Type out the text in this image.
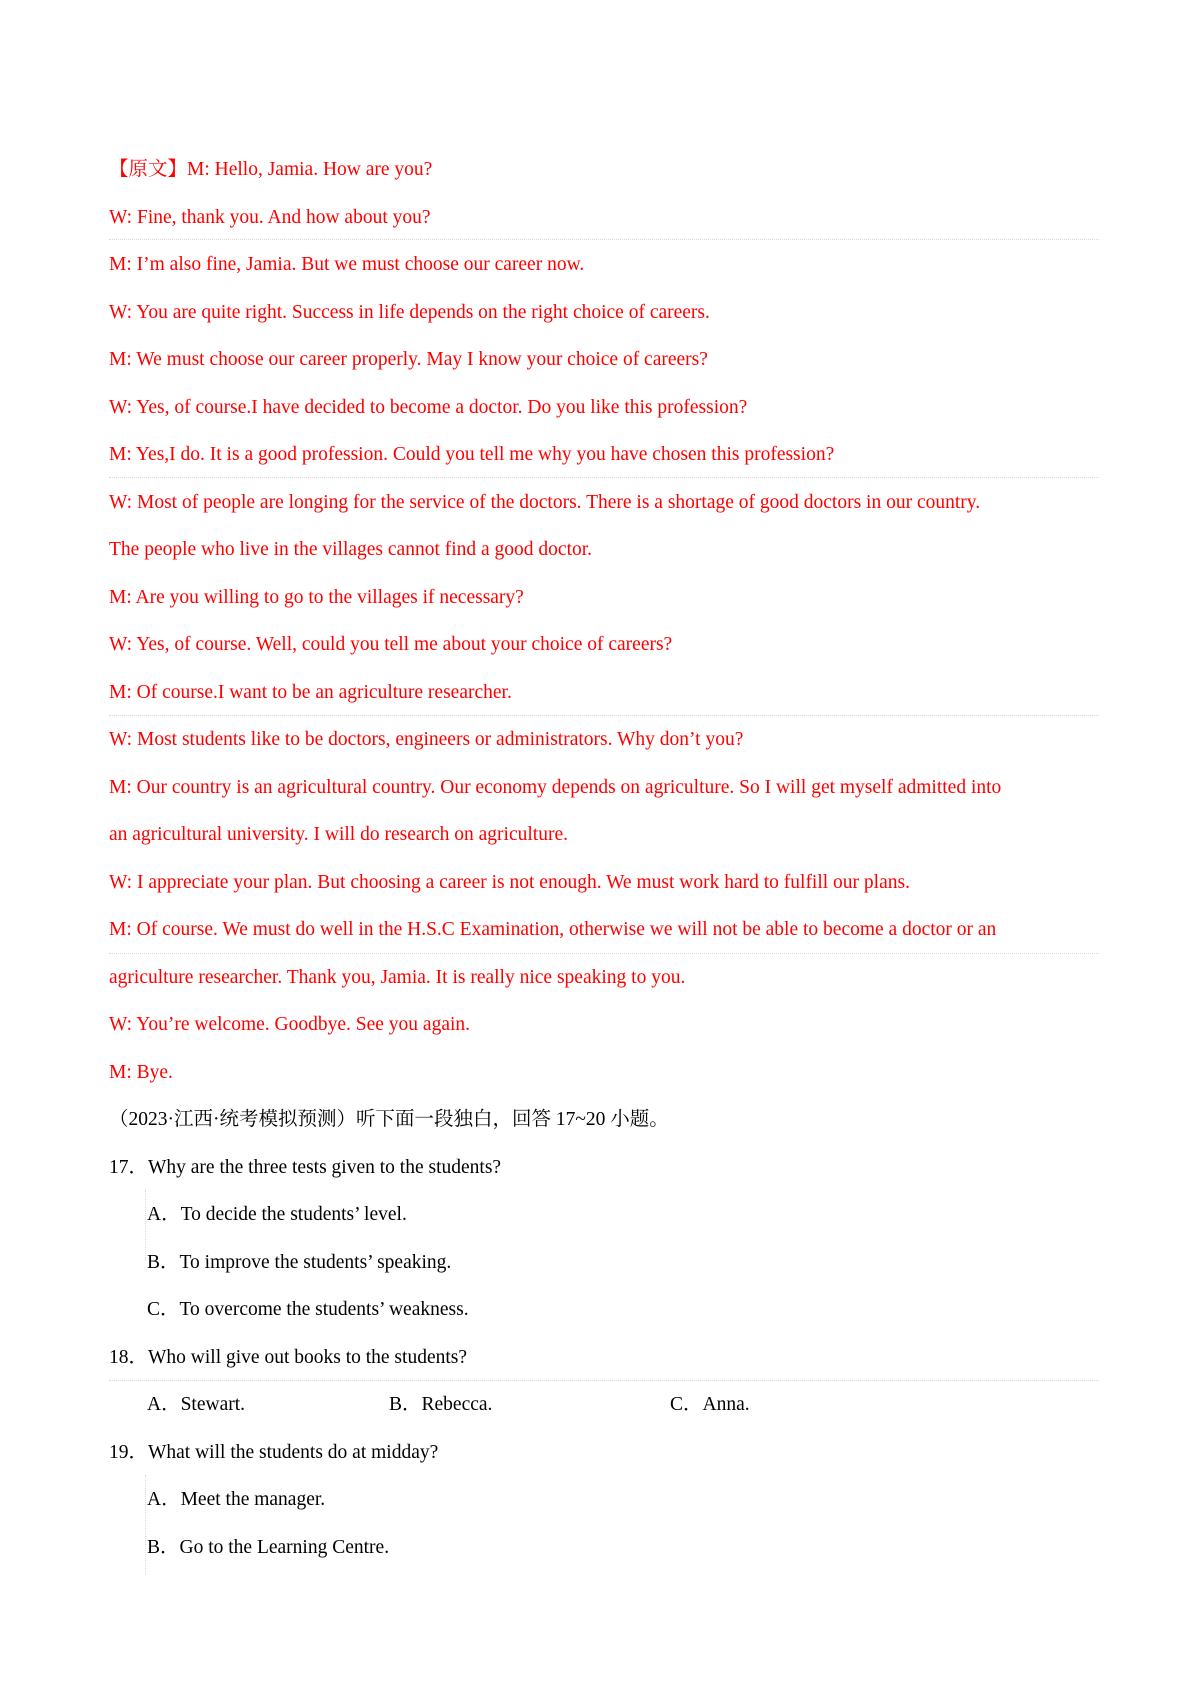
【原文】M: Hello, Jamia. How are you?
W: Fine, thank you. And how about you?
M: I’m also fine, Jamia. But we must choose our career now.
W: You are quite right. Success in life depends on the right choice of careers.
M: We must choose our career properly. May I know your choice of careers?
W: Yes, of course.I have decided to become a doctor. Do you like this profession?
M: Yes,I do. It is a good profession. Could you tell me why you have chosen this profession?
W: Most of people are longing for the service of the doctors. There is a shortage of good doctors in our country.
The people who live in the villages cannot find a good doctor.
M: Are you willing to go to the villages if necessary?
W: Yes, of course. Well, could you tell me about your choice of careers?
M: Of course.I want to be an agriculture researcher.
W: Most students like to be doctors, engineers or administrators. Why don’t you?
M: Our country is an agricultural country. Our economy depends on agriculture. So I will get myself admitted into
an agricultural university. I will do research on agriculture.
W: I appreciate your plan. But choosing a career is not enough. We must work hard to fulfill our plans.
M: Of course. We must do well in the H.S.C Examination, otherwise we will not be able to become a doctor or an
agriculture researcher. Thank you, Jamia. It is really nice speaking to you.
W: You’re welcome. Goodbye. See you again.
M: Bye.
（2023·江西·统考模拟预测）听下面一段独白，回答 17~20 小题。
17．Why are the three tests given to the students?
A．To decide the students’ level.
B．To improve the students’ speaking.
C．To overcome the students’ weakness.
18．Who will give out books to the students?
A．Stewart.	B．Rebecca.	C．Anna.
19．What will the students do at midday?
A．Meet the manager.
B．Go to the Learning Centre.
